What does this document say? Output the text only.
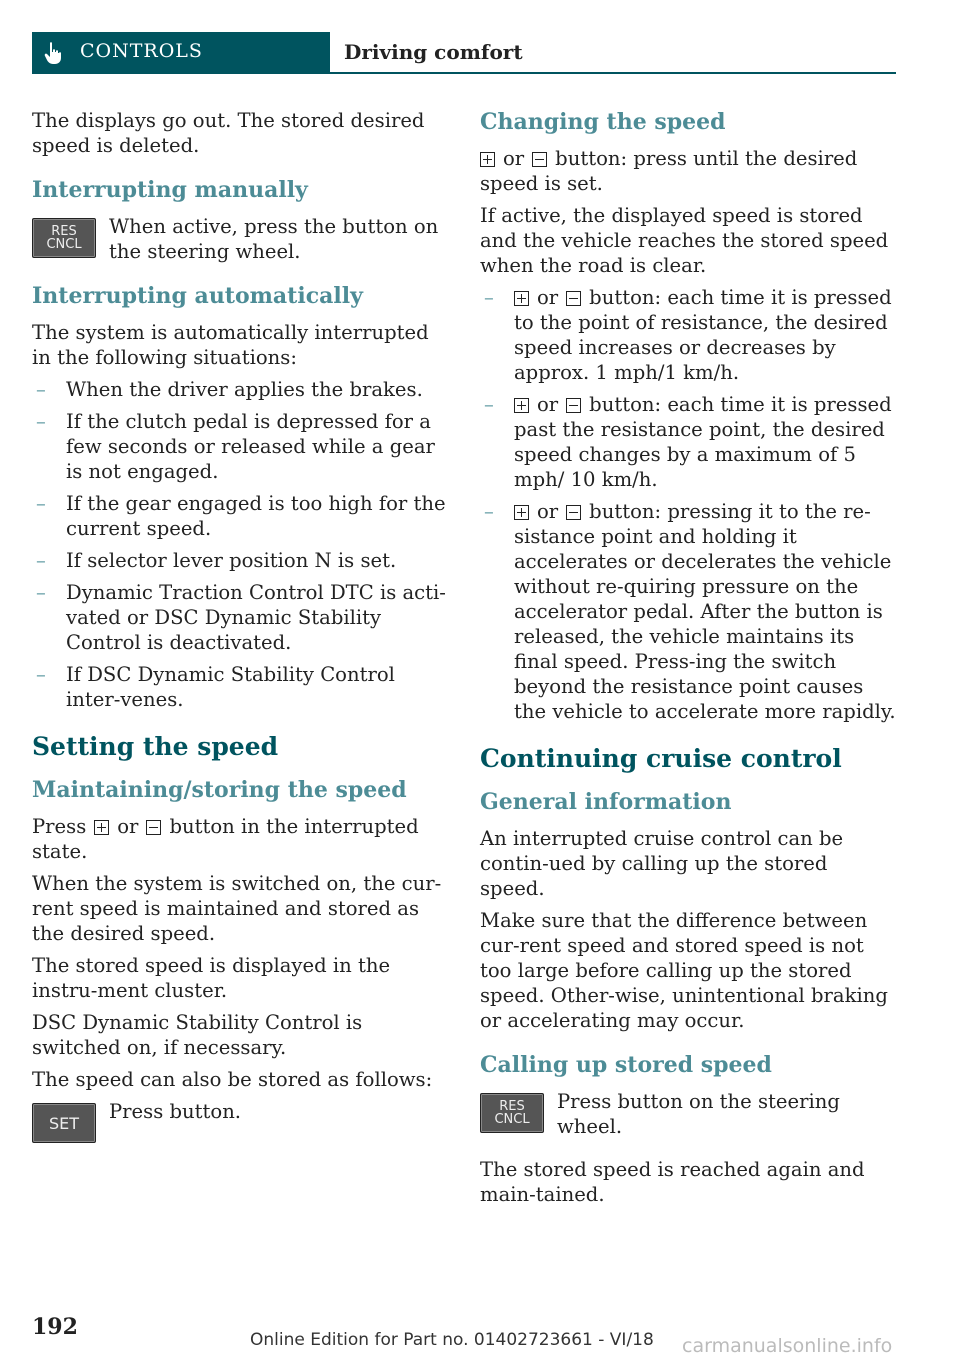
CONTROLS	Driving comfort

The displays go out. The stored desired speed is deleted.

Interrupting manually
RES
CNCL
When active, press the button on the steering wheel.
Interrupting automatically

The system is automatically interrupted in the following situations:

– When the driver applies the brakes.
– If the clutch pedal is depressed for a few seconds or released while a gear is not engaged.
– If the gear engaged is too high for the current speed.
– If selector lever position N is set.
– Dynamic Traction Control DTC is acti‐vated or DSC Dynamic Stability Control is deactivated.
– If DSC Dynamic Stability Control inter‐venes.
Setting the speed
Maintaining/storing the speed

Press or button in the interrupted state.

When the system is switched on, the cur‐rent speed is maintained and stored as the desired speed.

The stored speed is displayed in the instru‐ment cluster.

DSC Dynamic Stability Control is switched on, if necessary.

The speed can also be stored as follows:

SET	Press button.
Changing the speed

or button: press until the desired speed is set.

If active, the displayed speed is stored and the vehicle reaches the stored speed when the road is clear.

– or button: each time it is pressed to the point of resistance, the desired speed increases or decreases by approx. 1 mph/1 km/h.
– or button: each time it is pressed past the resistance point, the desired speed changes by a maximum of 5 mph/ 10 km/h.
– or button: pressing it to the re‐sistance point and holding it accelerates or decelerates the vehicle without re‐quiring pressure on the accelerator pedal. After the button is released, the vehicle maintains its final speed. Press‐ing the switch beyond the resistance point causes the vehicle to accelerate more rapidly.
Continuing cruise control
General information

An interrupted cruise control can be contin‐ued by calling up the stored speed.

Make sure that the difference between cur‐rent speed and stored speed is not too large before calling up the stored speed. Other‐wise, unintentional braking or accelerating may occur.

Calling up stored speed
RES
CNCL
Press button on the steering wheel.

The stored speed is reached again and main‐tained.

192	Online Edition for Part no. 01402723661 - VI/18 carmanualsonline.info
